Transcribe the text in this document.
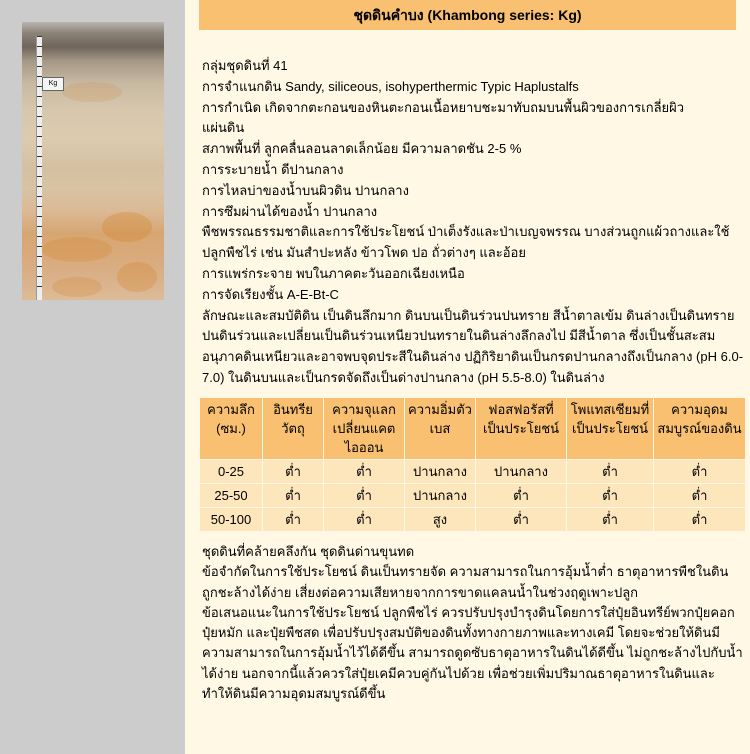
Kg
ชุดดินคำบง (Khambong series: Kg)

กลุ่มชุดดินที่ 41

การจำแนกดิน Sandy, siliceous, isohyperthermic Typic Haplustalfs

การกำเนิด เกิดจากตะกอนของหินตะกอนเนื้อหยาบชะมาทับถมบนพื้นผิวของการเกลี่ยผิว

แผ่นดิน

สภาพพื้นที่ ลูกคลื่นลอนลาดเล็กน้อย มีความลาดชัน 2-5 %

การระบายน้ำ ดีปานกลาง

การไหลบ่าของน้ำบนผิวดิน ปานกลาง

การซึมผ่านได้ของน้ำ ปานกลาง

พืชพรรณธรรมชาติและการใช้ประโยชน์ ป่าเต็งรังและป่าเบญจพรรณ บางส่วนถูกแผ้วถางและใช้ปลูกพืชไร่ เช่น มันสำปะหลัง ข้าวโพด ปอ ถั่วต่างๆ และอ้อย

การแพร่กระจาย พบในภาคตะวันออกเฉียงเหนือ

การจัดเรียงชั้น A-E-Bt-C

ลักษณะและสมบัติดิน เป็นดินลึกมาก ดินบนเป็นดินร่วนปนทราย สีน้ำตาลเข้ม ดินล่างเป็นดินทรายปนดินร่วนและเปลี่ยนเป็นดินร่วนเหนียวปนทรายในดินล่างลึกลงไป มีสีน้ำตาล ซึ่งเป็นชั้นสะสมอนุภาคดินเหนียวและอาจพบจุดประสีในดินล่าง ปฏิกิริยาดินเป็นกรดปานกลางถึงเป็นกลาง (pH 6.0-7.0) ในดินบนและเป็นกรดจัดถึงเป็นด่างปานกลาง (pH 5.5-8.0) ในดินล่าง

ความลึก (ซม.)	อินทรียวัตถุ	ความจุแลกเปลี่ยนแคตไอออน	ความอิ่มตัวเบส	ฟอสฟอรัสที่เป็นประโยชน์	โพแทสเซียมที่เป็นประโยชน์	ความอุดมสมบูรณ์ของดิน
0-25	ต่ำ	ต่ำ	ปานกลาง	ปานกลาง	ต่ำ	ต่ำ
25-50	ต่ำ	ต่ำ	ปานกลาง	ต่ำ	ต่ำ	ต่ำ
50-100	ต่ำ	ต่ำ	สูง	ต่ำ	ต่ำ	ต่ำ

ชุดดินที่คล้ายคลึงกัน ชุดดินด่านขุนทด

ข้อจำกัดในการใช้ประโยชน์ ดินเป็นทรายจัด ความสามารถในการอุ้มน้ำต่ำ ธาตุอาหารพืชในดินถูกชะล้างได้ง่าย เสี่ยงต่อความเสียหายจากการขาดแคลนน้ำในช่วงฤดูเพาะปลูก

ข้อเสนอแนะในการใช้ประโยชน์ ปลูกพืชไร่ ควรปรับปรุงบำรุงดินโดยการใส่ปุ๋ยอินทรีย์พวกปุ๋ยคอก ปุ๋ยหมัก และปุ๋ยพืชสด เพื่อปรับปรุงสมบัติของดินทั้งทางกายภาพและทางเคมี โดยจะช่วยให้ดินมีความสามารถในการอุ้มน้ำไว้ได้ดีขึ้น สามารถดูดซับธาตุอาหารในดินได้ดีขึ้น ไม่ถูกชะล้างไปกับน้ำได้ง่าย นอกจากนี้แล้วควรใส่ปุ๋ยเคมีควบคู่กันไปด้วย เพื่อช่วยเพิ่มปริมาณธาตุอาหารในดินและทำให้ดินมีความอุดมสมบูรณ์ดีขึ้น
